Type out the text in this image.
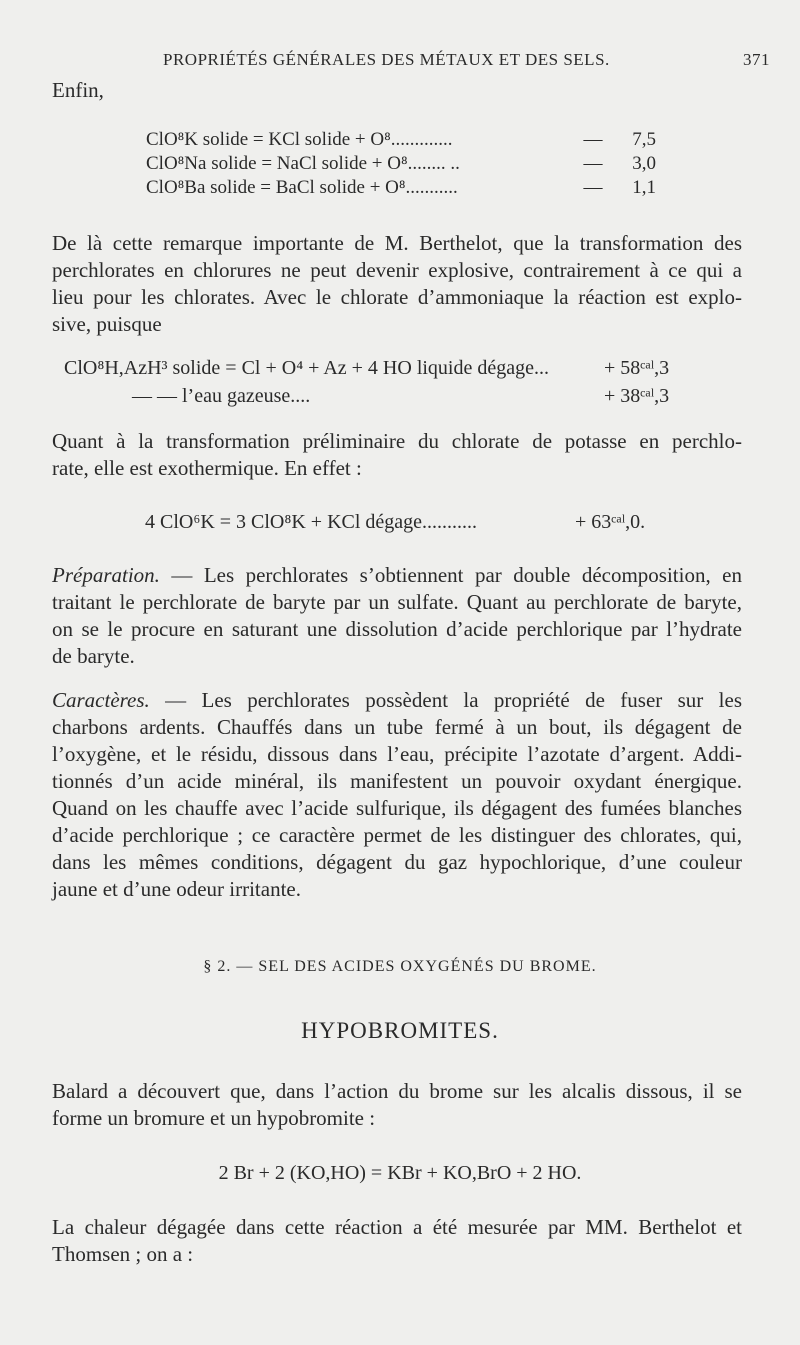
PROPRIÉTÉS GÉNÉRALES DES MÉTAUX ET DES SELS.	371
Enfin,
ClO⁸K solide = KCl solide + O⁸.............	—	7,5
ClO⁸Na solide = NaCl solide + O⁸........ ..	—	3,0
ClO⁸Ba solide = BaCl solide + O⁸...........	—	1,1
De là cette remarque importante de M. Berthelot, que la transformation des
perchlorates en chlorures ne peut devenir explosive, contrairement à ce qui a
lieu pour les chlorates. Avec le chlorate d’ammoniaque la réaction est explo-
sive, puisque
ClO⁸H,AzH³ solide = Cl + O⁴ + Az + 4 HO liquide dégage...	+ 58ᶜᵃˡ,3
— — l’eau gazeuse....	+ 38ᶜᵃˡ,3
Quant à la transformation préliminaire du chlorate de potasse en perchlo-
rate, elle est exothermique. En effet :
4 ClO⁶K = 3 ClO⁸K + KCl dégage...........	+ 63ᶜᵃˡ,0.
Préparation. — Les perchlorates s’obtiennent par double décomposition, en
traitant le perchlorate de baryte par un sulfate. Quant au perchlorate de baryte,
on se le procure en saturant une dissolution d’acide perchlorique par l’hydrate
de baryte.
Caractères. — Les perchlorates possèdent la propriété de fuser sur les
charbons ardents. Chauffés dans un tube fermé à un bout, ils dégagent de
l’oxygène, et le résidu, dissous dans l’eau, précipite l’azotate d’argent. Addi-
tionnés d’un acide minéral, ils manifestent un pouvoir oxydant énergique.
Quand on les chauffe avec l’acide sulfurique, ils dégagent des fumées blanches
d’acide perchlorique ; ce caractère permet de les distinguer des chlorates, qui,
dans les mêmes conditions, dégagent du gaz hypochlorique, d’une couleur
jaune et d’une odeur irritante.
§ 2. — SEL DES ACIDES OXYGÉNÉS DU BROME.
HYPOBROMITES.
Balard a découvert que, dans l’action du brome sur les alcalis dissous, il se
forme un bromure et un hypobromite :
2 Br + 2 (KO,HO) = KBr + KO,BrO + 2 HO.
La chaleur dégagée dans cette réaction a été mesurée par MM. Berthelot et
Thomsen ; on a :
